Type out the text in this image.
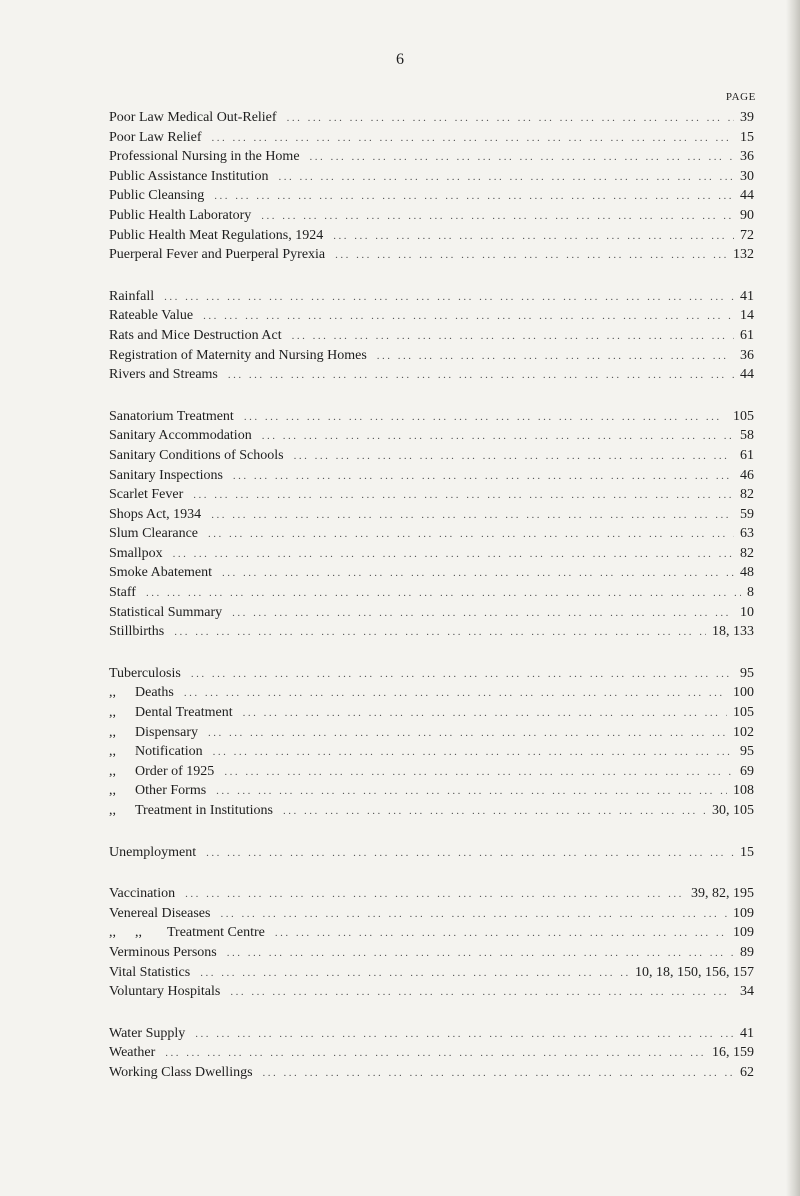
6
PAGE
Poor Law Medical Out-Relief ... .	39
Poor Law Relief ... .	15
Professional Nursing in the Home ... .	36
Public Assistance Institution ... .	30
Public Cleansing ... .	44
Public Health Laboratory ... .	90
Public Health Meat Regulations, 1924 ... .	72
Puerperal Fever and Puerperal Pyrexia ... .	132
Rainfall ... .	41
Rateable Value ... .	14
Rats and Mice Destruction Act ... .	61
Registration of Maternity and Nursing Homes ... .	36
Rivers and Streams ... .	44
Sanatorium Treatment ... .	105
Sanitary Accommodation ... .	58
Sanitary Conditions of Schools ... .	61
Sanitary Inspections ... .	46
Scarlet Fever ... .	82
Shops Act, 1934 ... .	59
Slum Clearance ... .	63
Smallpox ... .	82
Smoke Abatement ... .	48
Staff ... .	8
Statistical Summary ... .	10
Stillbirths ... .	18, 133
Tuberculosis ... .	95
,, Deaths ... .	100
,, Dental Treatment ... .	105
,, Dispensary ... .	102
,, Notification ... .	95
,, Order of 1925 ... .	69
,, Other Forms ... .	108
,, Treatment in Institutions ... .	30, 105
Unemployment ... .	15
Vaccination ... .	39, 82, 195
Venereal Diseases ... .	109
,, ,, Treatment Centre ... .	109
Verminous Persons ... .	89
Vital Statistics ... .	10, 18, 150, 156, 157
Voluntary Hospitals ... .	34
Water Supply ... .	41
Weather ... .	16, 159
Working Class Dwellings ... .	62
